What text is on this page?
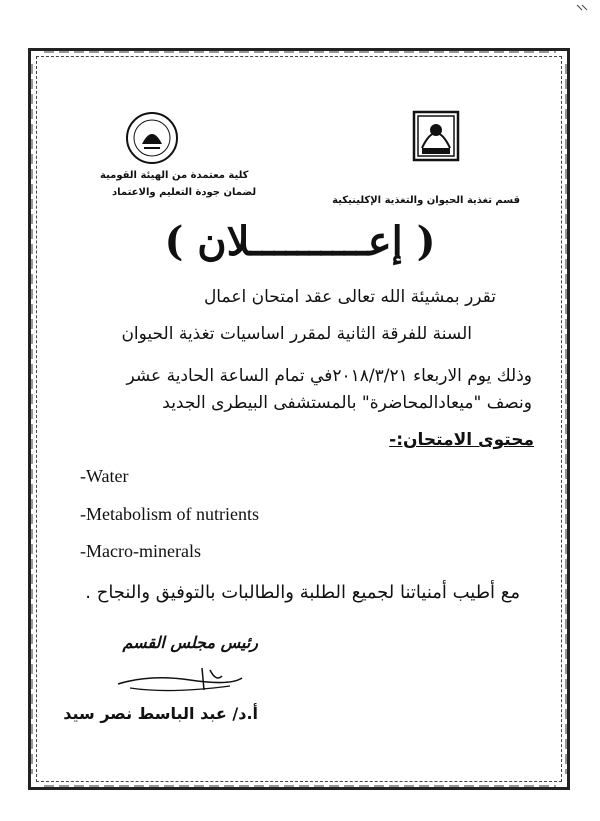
قسم تغذية الحيوان والتغذية الإكلينيكية
كلية معتمدة من الهيئة القومية
لضمان جودة التعليم والاعتماد
( إعــــــــــلان )
تقرر بمشيئة الله تعالى عقد امتحان اعمال
السنة للفرقة الثانية لمقرر اساسيات تغذية الحيوان
وذلك يوم الاربعاء ٢٠١٨/٣/٢١في تمام الساعة الحادية عشر
ونصف "ميعادالمحاضرة" بالمستشفى البيطرى الجديد
محتوى الامتحان:-
-Water
-Metabolism of nutrients
-Macro-minerals
مع أطيب أمنياتنا لجميع الطلبة والطالبات بالتوفيق والنجاح .
رئيس مجلس القسم
أ.د/ عبد الباسط نصر سيد
